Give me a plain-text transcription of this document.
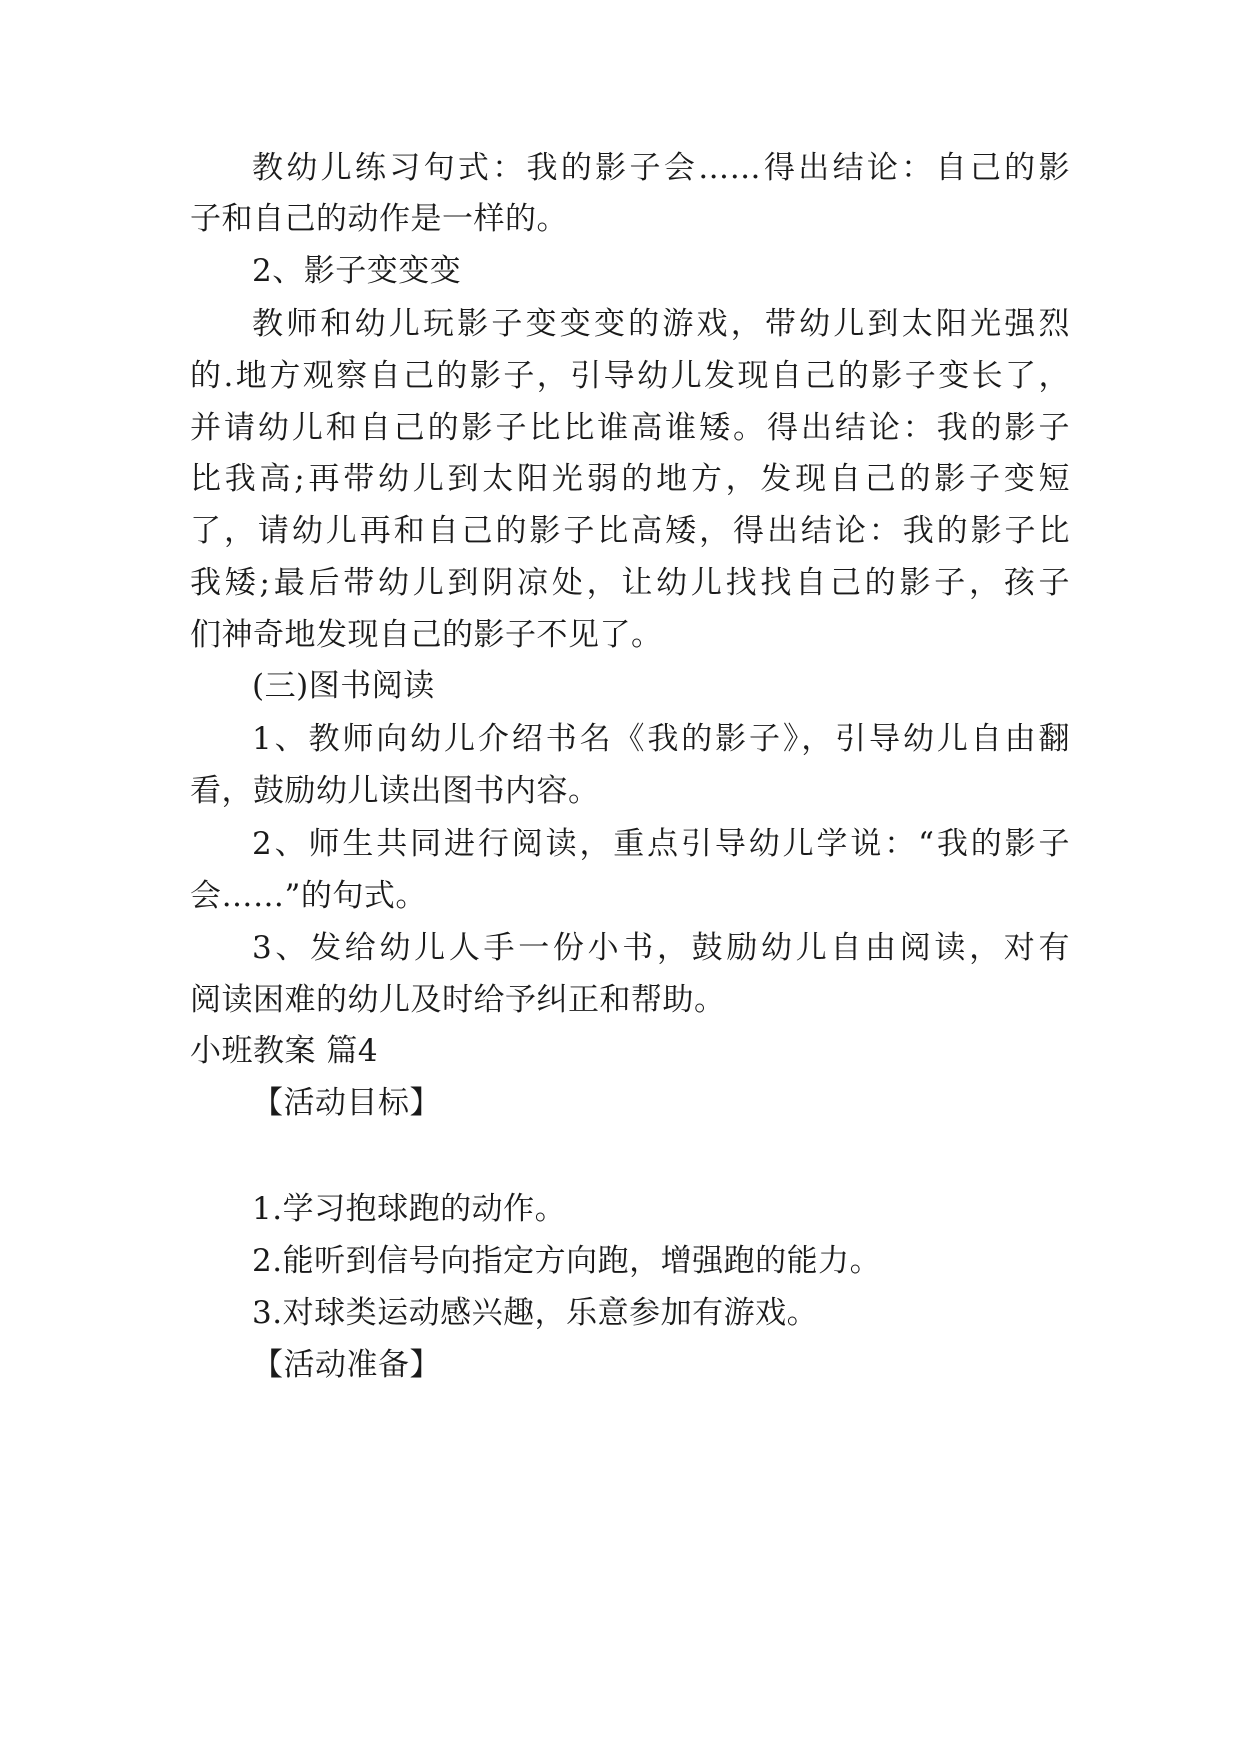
教幼儿练习句式：我的影子会……得出结论：自己的影

子和自己的动作是一样的。

2、影子变变变

教师和幼儿玩影子变变变的游戏，带幼儿到太阳光强烈

的.地方观察自己的影子，引导幼儿发现自己的影子变长了，

并请幼儿和自己的影子比比谁高谁矮。得出结论：我的影子

比我高;再带幼儿到太阳光弱的地方，发现自己的影子变短

了，请幼儿再和自己的影子比高矮，得出结论：我的影子比

我矮;最后带幼儿到阴凉处，让幼儿找找自己的影子，孩子

们神奇地发现自己的影子不见了。

(三)图书阅读

1、教师向幼儿介绍书名《我的影子》，引导幼儿自由翻

看，鼓励幼儿读出图书内容。

2、师生共同进行阅读，重点引导幼儿学说：“我的影子

会……”的句式。

3、发给幼儿人手一份小书，鼓励幼儿自由阅读，对有

阅读困难的幼儿及时给予纠正和帮助。

小班教案 篇4

【活动目标】

1.学习抱球跑的动作。

2.能听到信号向指定方向跑，增强跑的能力。

3.对球类运动感兴趣，乐意参加有游戏。

【活动准备】
